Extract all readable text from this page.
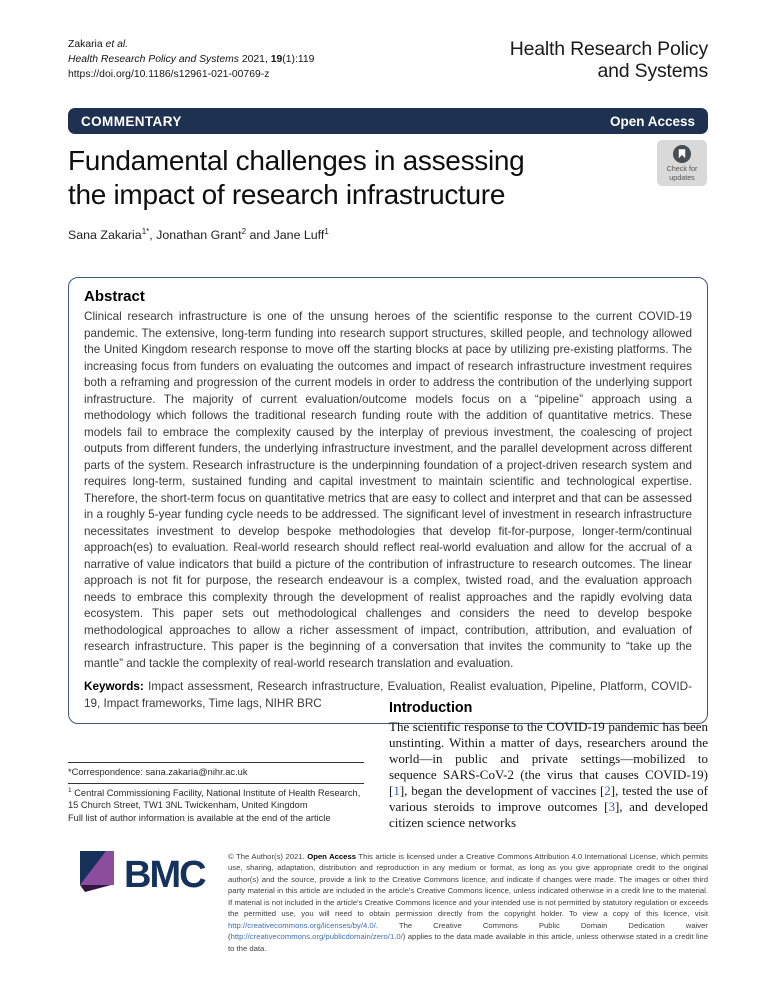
Zakaria et al.
Health Research Policy and Systems 2021, 19(1):119
https://doi.org/10.1186/s12961-021-00769-z
Health Research Policy
and Systems
COMMENTARY	Open Access
Fundamental challenges in assessing
the impact of research infrastructure
Check for
updates
Sana Zakaria$^{1*}$, Jonathan Grant$^2$ and Jane Luff$^1$
Abstract

Clinical research infrastructure is one of the unsung heroes of the scientific response to the current COVID-19 pandemic. The extensive, long-term funding into research support structures, skilled people, and technology allowed the United Kingdom research response to move off the starting blocks at pace by utilizing pre-existing platforms. The increasing focus from funders on evaluating the outcomes and impact of research infrastructure investment requires both a reframing and progression of the current models in order to address the contribution of the underlying support infrastructure. The majority of current evaluation/outcome models focus on a “pipeline” approach using a methodology which follows the traditional research funding route with the addition of quantitative metrics. These models fail to embrace the complexity caused by the interplay of previous investment, the coalescing of project outputs from different funders, the underlying infrastructure investment, and the parallel development across different parts of the system. Research infrastructure is the underpinning foundation of a project-driven research system and requires long-term, sustained funding and capital investment to maintain scientific and technological expertise. Therefore, the short-term focus on quantitative metrics that are easy to collect and interpret and that can be assessed in a roughly 5-year funding cycle needs to be addressed. The significant level of investment in research infrastructure necessitates investment to develop bespoke methodologies that develop fit-for-purpose, longer-term/continual approach(es) to evaluation. Real-world research should reflect real-world evaluation and allow for the accrual of a narrative of value indicators that build a picture of the contribution of infrastructure to research outcomes. The linear approach is not fit for purpose, the research endeavour is a complex, twisted road, and the evaluation approach needs to embrace this complexity through the development of realist approaches and the rapidly evolving data ecosystem. This paper sets out methodological challenges and considers the need to develop bespoke methodological approaches to allow a richer assessment of impact, contribution, attribution, and evaluation of research infrastructure. This paper is the beginning of a conversation that invites the community to “take up the mantle” and tackle the complexity of real-world research translation and evaluation.

Keywords: Impact assessment, Research infrastructure, Evaluation, Realist evaluation, Pipeline, Platform, COVID-19, Impact frameworks, Time lags, NIHR BRC	Introduction

The scientific response to the COVID-19 pandemic has been unstinting. Within a matter of days, researchers around the world—in public and private settings—mobilized to sequence SARS-CoV-2 (the virus that causes COVID-19) [1], began the development of vaccines [2], tested the use of various steroids to improve outcomes [3], and developed citizen science networks

*Correspondence: sana.zakaria@nihr.ac.uk
$^1$ Central Commissioning Facility, National Institute of Health Research, 15 Church Street, TW1 3NL Twickenham, United Kingdom
Full list of author information is available at the end of the article
BMC	© The Author(s) 2021. Open Access This article is licensed under a Creative Commons Attribution 4.0 International License, which permits use, sharing, adaptation, distribution and reproduction in any medium or format, as long as you give appropriate credit to the original author(s) and the source, provide a link to the Creative Commons licence, and indicate if changes were made. The images or other third party material in this article are included in the article's Creative Commons licence, unless indicated otherwise in a credit line to the material. If material is not included in the article's Creative Commons licence and your intended use is not permitted by statutory regulation or exceeds the permitted use, you will need to obtain permission directly from the copyright holder. To view a copy of this licence, visit http://creativecommons.org/licenses/by/4.0/. The Creative Commons Public Domain Dedication waiver (http://creativecommons.org/publicdomain/zero/1.0/) applies to the data made available in this article, unless otherwise stated in a credit line to the data.
